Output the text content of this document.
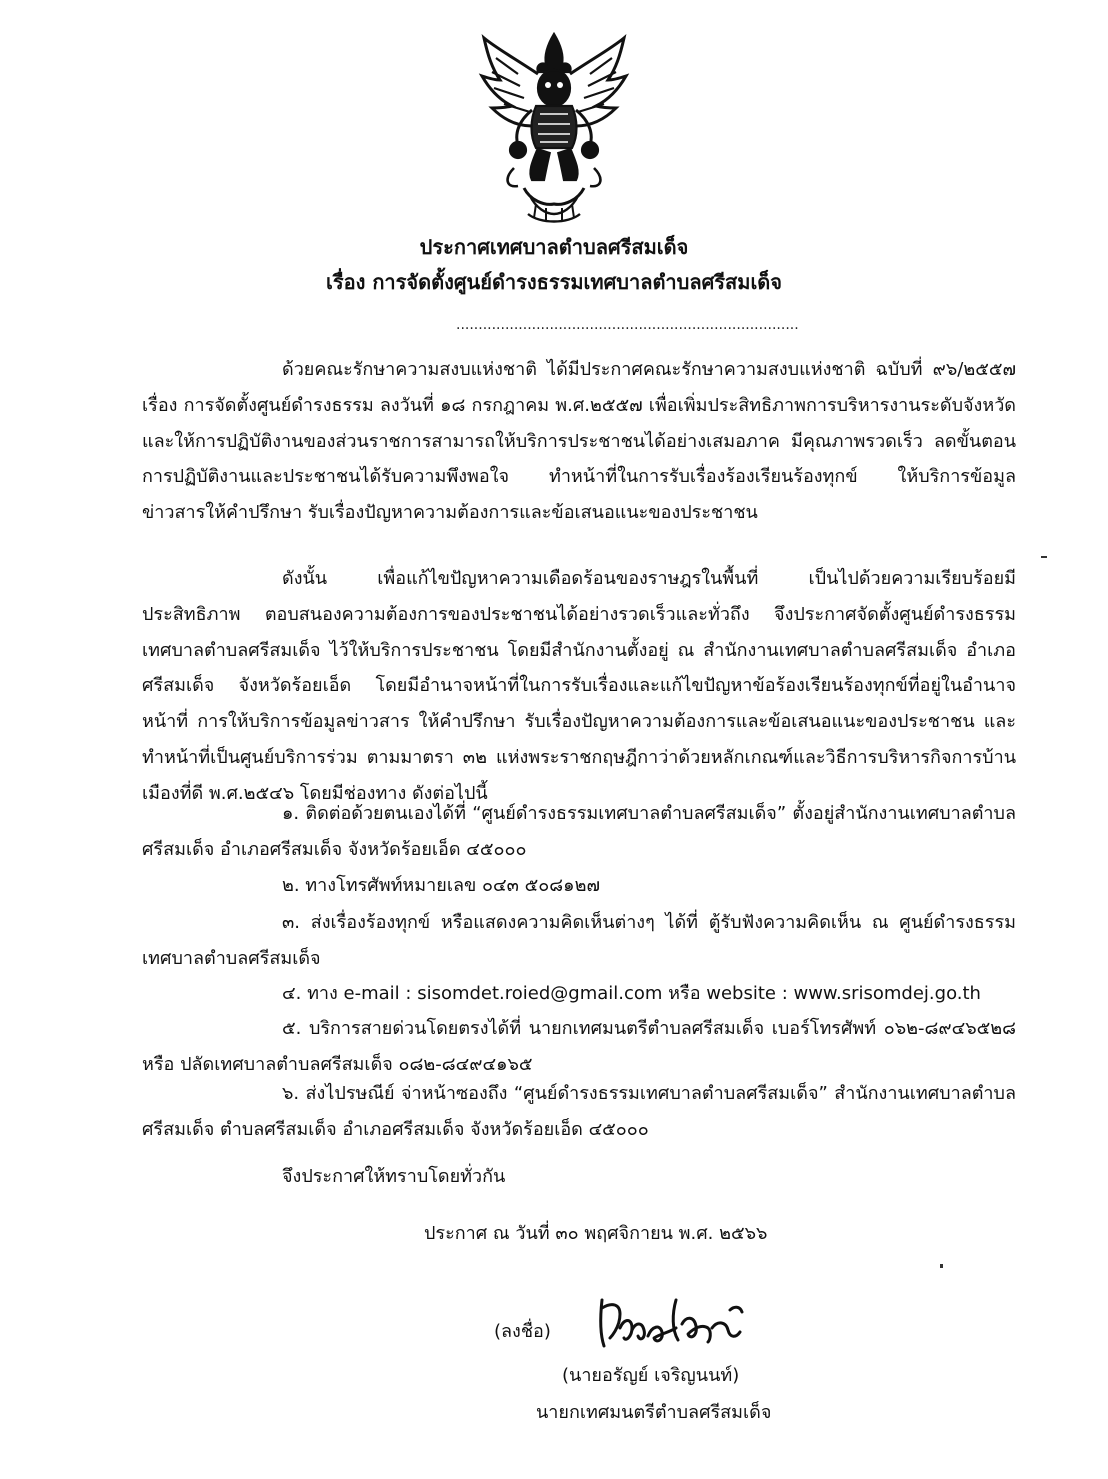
ประกาศเทศบาลตำบลศรีสมเด็จ
เรื่อง การจัดตั้งศูนย์ดำรงธรรมเทศบาลตำบลศรีสมเด็จ
.............................................................................
ด้วยคณะรักษาความสงบแห่งชาติ ได้มีประกาศคณะรักษาความสงบแห่งชาติ ฉบับที่ ๙๖/๒๕๕๗ เรื่อง การจัดตั้งศูนย์ดำรงธรรม ลงวันที่ ๑๘ กรกฎาคม พ.ศ.๒๕๕๗ เพื่อเพิ่มประสิทธิภาพการบริหารงานระดับจังหวัด และให้การปฏิบัติงานของส่วนราชการสามารถให้บริการประชาชนได้อย่างเสมอภาค มีคุณภาพรวดเร็ว ลดขั้นตอนการปฏิบัติงานและประชาชนได้รับความพึงพอใจ ทำหน้าที่ในการรับเรื่องร้องเรียนร้องทุกข์ ให้บริการข้อมูล ข่าวสารให้คำปรึกษา รับเรื่องปัญหาความต้องการและข้อเสนอแนะของประชาชน
ดังนั้น เพื่อแก้ไขปัญหาความเดือดร้อนของราษฎรในพื้นที่ เป็นไปด้วยความเรียบร้อยมีประสิทธิภาพ ตอบสนองความต้องการของประชาชนได้อย่างรวดเร็วและทั่วถึง จึงประกาศจัดตั้งศูนย์ดำรงธรรมเทศบาลตำบลศรีสมเด็จ ไว้ให้บริการประชาชน โดยมีสำนักงานตั้งอยู่ ณ สำนักงานเทศบาลตำบลศรีสมเด็จ อำเภอศรีสมเด็จ จังหวัดร้อยเอ็ด โดยมีอำนาจหน้าที่ในการรับเรื่องและแก้ไขปัญหาข้อร้องเรียนร้องทุกข์ที่อยู่ในอำนาจหน้าที่ การให้บริการข้อมูลข่าวสาร ให้คำปรึกษา รับเรื่องปัญหาความต้องการและข้อเสนอแนะของประชาชน และทำหน้าที่เป็นศูนย์บริการร่วม ตามมาตรา ๓๒ แห่งพระราชกฤษฎีกาว่าด้วยหลักเกณฑ์และวิธีการบริหารกิจการบ้านเมืองที่ดี พ.ศ.๒๕๔๖ โดยมีช่องทาง ดังต่อไปนี้
๑. ติดต่อด้วยตนเองได้ที่ “ศูนย์ดำรงธรรมเทศบาลตำบลศรีสมเด็จ” ตั้งอยู่สำนักงานเทศบาลตำบลศรีสมเด็จ อำเภอศรีสมเด็จ จังหวัดร้อยเอ็ด ๔๕๐๐๐
๒. ทางโทรศัพท์หมายเลข ๐๔๓ ๕๐๘๑๒๗
๓. ส่งเรื่องร้องทุกข์ หรือแสดงความคิดเห็นต่างๆ ได้ที่ ตู้รับฟังความคิดเห็น ณ ศูนย์ดำรงธรรมเทศบาลตำบลศรีสมเด็จ
๔. ทาง e-mail : sisomdet.roied@gmail.com หรือ website : www.srisomdej.go.th
๕. บริการสายด่วนโดยตรงได้ที่ นายกเทศมนตรีตำบลศรีสมเด็จ เบอร์โทรศัพท์ ๐๖๒-๘๙๔๖๕๒๘ หรือ ปลัดเทศบาลตำบลศรีสมเด็จ ๐๘๒-๘๔๙๔๑๖๕
๖. ส่งไปรษณีย์ จ่าหน้าซองถึง “ศูนย์ดำรงธรรมเทศบาลตำบลศรีสมเด็จ” สำนักงานเทศบาลตำบลศรีสมเด็จ ตำบลศรีสมเด็จ อำเภอศรีสมเด็จ จังหวัดร้อยเอ็ด ๔๕๐๐๐
จึงประกาศให้ทราบโดยทั่วกัน
ประกาศ ณ วันที่ ๓๐ พฤศจิกายน พ.ศ. ๒๕๖๖
(ลงชื่อ)
(นายอรัญย์ เจริญนนท์)
นายกเทศมนตรีตำบลศรีสมเด็จ
